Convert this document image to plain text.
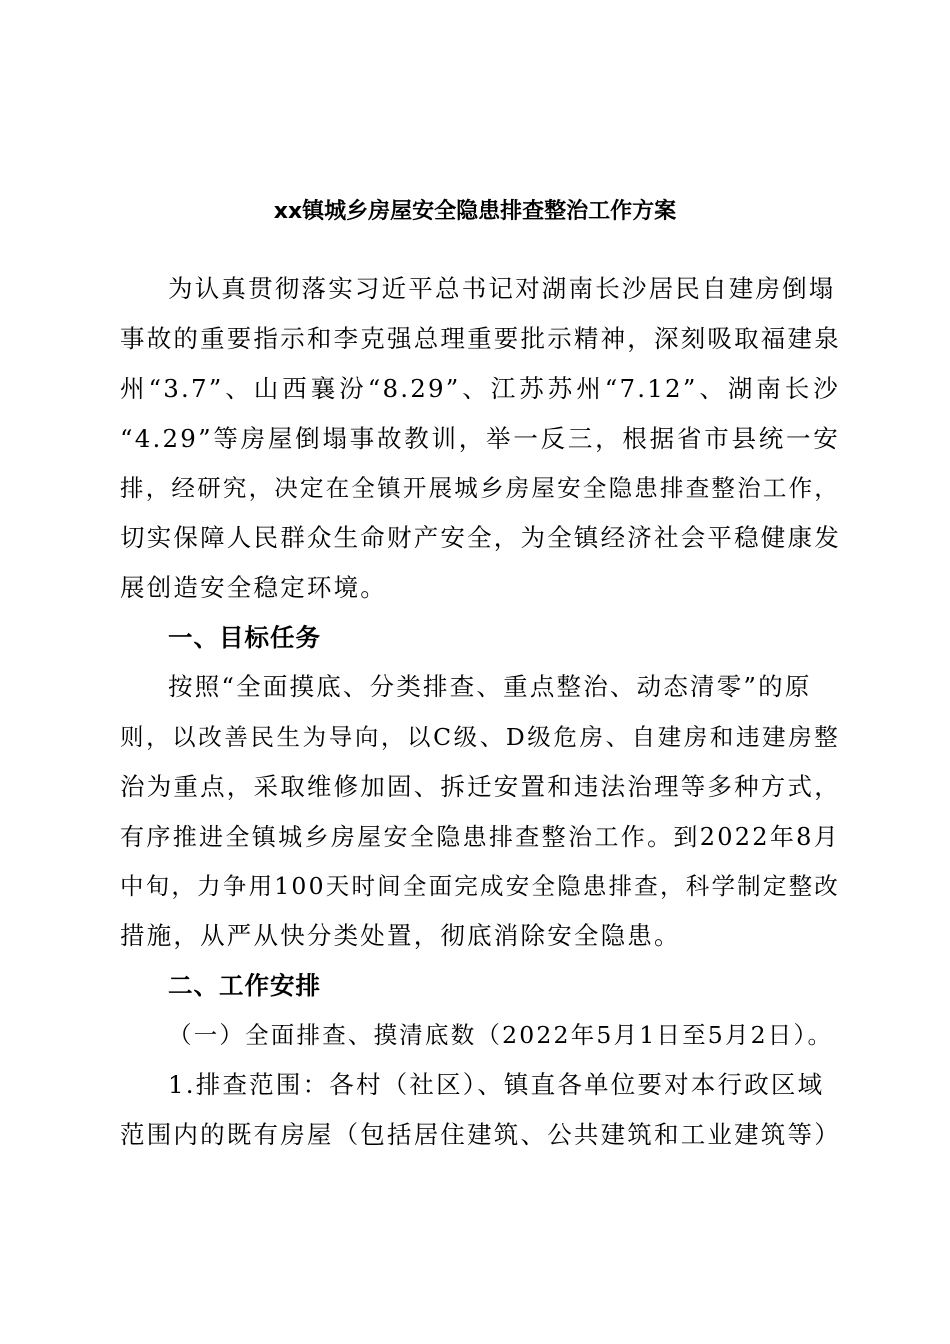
xx镇城乡房屋安全隐患排查整治工作方案

为认真贯彻落实习近平总书记对湖南长沙居民自建房倒塌

事故的重要指示和李克强总理重要批示精神，深刻吸取福建泉

州“3.7”、山西襄汾“8.29”、江苏苏州“7.12”、湖南长沙

“4.29”等房屋倒塌事故教训，举一反三，根据省市县统一安

排，经研究，决定在全镇开展城乡房屋安全隐患排查整治工作，

切实保障人民群众生命财产安全，为全镇经济社会平稳健康发

展创造安全稳定环境。

一、目标任务

按照“全面摸底、分类排查、重点整治、动态清零”的原

则，以改善民生为导向，以C级、D级危房、自建房和违建房整

治为重点，采取维修加固、拆迁安置和违法治理等多种方式，

有序推进全镇城乡房屋安全隐患排查整治工作。到2022年8月

中旬，力争用100天时间全面完成安全隐患排查，科学制定整改

措施，从严从快分类处置，彻底消除安全隐患。

二、工作安排

（一）全面排查、摸清底数（2022年5月1日至5月2日）。

1.排查范围：各村（社区）、镇直各单位要对本行政区域

范围内的既有房屋（包括居住建筑、公共建筑和工业建筑等）
